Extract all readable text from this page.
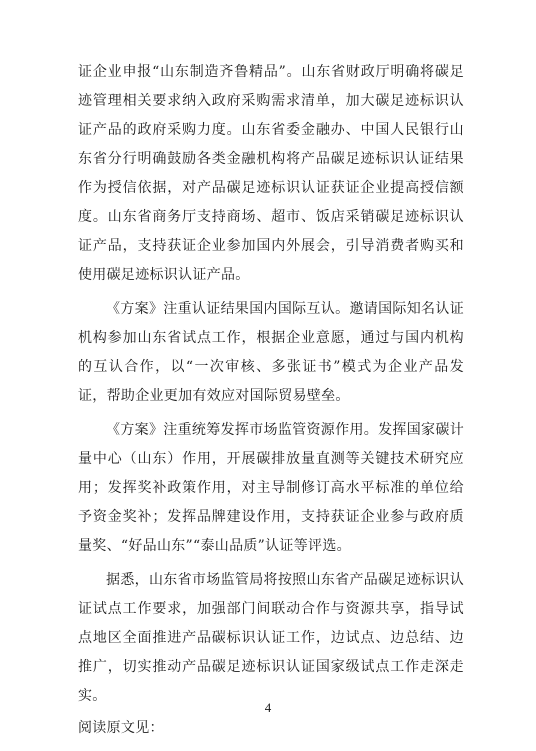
证企业申报“山东制造齐鲁精品”。山东省财政厅明确将碳足迹管理相关要求纳入政府采购需求清单，加大碳足迹标识认证产品的政府采购力度。山东省委金融办、中国人民银行山东省分行明确鼓励各类金融机构将产品碳足迹标识认证结果作为授信依据，对产品碳足迹标识认证获证企业提高授信额度。山东省商务厅支持商场、超市、饭店采销碳足迹标识认证产品，支持获证企业参加国内外展会，引导消费者购买和使用碳足迹标识认证产品。

《方案》注重认证结果国内国际互认。邀请国际知名认证机构参加山东省试点工作，根据企业意愿，通过与国内机构的互认合作，以“一次审核、多张证书”模式为企业产品发证，帮助企业更加有效应对国际贸易壁垒。

《方案》注重统筹发挥市场监管资源作用。发挥国家碳计量中心（山东）作用，开展碳排放量直测等关键技术研究应用；发挥奖补政策作用，对主导制修订高水平标准的单位给予资金奖补；发挥品牌建设作用，支持获证企业参与政府质量奖、“好品山东”“泰山品质”认证等评选。

据悉，山东省市场监管局将按照山东省产品碳足迹标识认证试点工作要求，加强部门间联动合作与资源共享，指导试点地区全面推进产品碳标识认证工作，边试点、边总结、边推广，切实推动产品碳足迹标识认证国家级试点工作走深走实。

阅读原文见：

4
